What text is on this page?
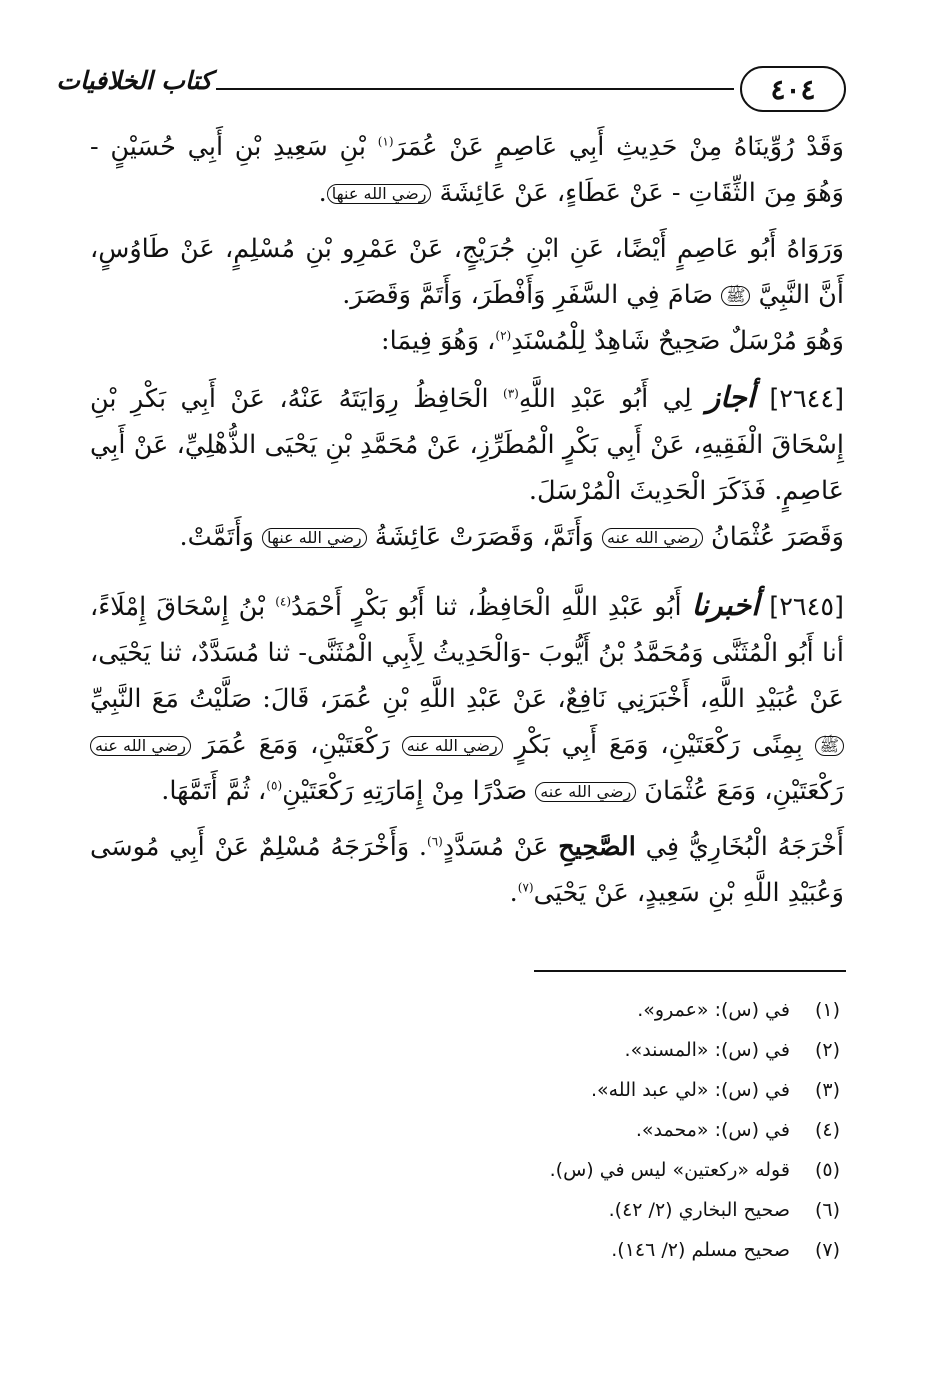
٤٠٤
كتاب الخلافيات

وَقَدْ رُوِّينَاهُ مِنْ حَدِيثِ أَبِي عَاصِمٍ عَنْ عُمَرَ$^{(١)}$ بْنِ سَعِيدِ بْنِ أَبِي حُسَيْنٍ - وَهُوَ مِنَ الثِّقَاتِ - عَنْ عَطَاءٍ، عَنْ عَائِشَةَ رضي الله عنها.

وَرَوَاهُ أَبُو عَاصِمٍ أَيْضًا، عَنِ ابْنِ جُرَيْجٍ، عَنْ عَمْرِو بْنِ مُسْلِمٍ، عَنْ طَاوُسٍ، أَنَّ النَّبِيَّ ﷺ صَامَ فِي السَّفَرِ وَأَفْطَرَ، وَأَتَمَّ وَقَصَرَ.

وَهُوَ مُرْسَلٌ صَحِيحٌ شَاهِدٌ لِلْمُسْنَدِ$^{(٢)}$، وَهُوَ فِيمَا:

[٢٦٤٤] أجاز لِي أَبُو عَبْدِ اللَّهِ$^{(٣)}$ الْحَافِظُ رِوَايَتَهُ عَنْهُ، عَنْ أَبِي بَكْرِ بْنِ إِسْحَاقَ الْفَقِيهِ، عَنْ أَبِي بَكْرٍ الْمُطَرِّزِ، عَنْ مُحَمَّدِ بْنِ يَحْيَى الذُّهْلِيِّ، عَنْ أَبِي عَاصِمٍ. فَذَكَرَ الْحَدِيثَ الْمُرْسَلَ.

وَقَصَرَ عُثْمَانُ رضي الله عنه وَأَتَمَّ، وَقَصَرَتْ عَائِشَةُ رضي الله عنها وَأَتَمَّتْ.

[٢٦٤٥] أخبرنا أَبُو عَبْدِ اللَّهِ الْحَافِظُ، ثنا أَبُو بَكْرٍ أَحْمَدُ$^{(٤)}$ بْنُ إِسْحَاقَ إِمْلَاءً، أنا أَبُو الْمُثَنَّى وَمُحَمَّدُ بْنُ أَيُّوبَ -وَالْحَدِيثُ لِأَبِي الْمُثَنَّى- ثنا مُسَدَّدٌ، ثنا يَحْيَى، عَنْ عُبَيْدِ اللَّهِ، أَخْبَرَنِي نَافِعٌ، عَنْ عَبْدِ اللَّهِ بْنِ عُمَرَ، قَالَ: صَلَّيْتُ مَعَ النَّبِيِّ ﷺ بِمِنًى رَكْعَتَيْنِ، وَمَعَ أَبِي بَكْرٍ رضي الله عنه رَكْعَتَيْنِ، وَمَعَ عُمَرَ رضي الله عنه رَكْعَتَيْنِ، وَمَعَ عُثْمَانَ رضي الله عنه صَدْرًا مِنْ إِمَارَتِهِ رَكْعَتَيْنِ$^{(٥)}$، ثُمَّ أَتَمَّهَا.

أَخْرَجَهُ الْبُخَارِيُّ فِي الصَّحِيحِ عَنْ مُسَدَّدٍ$^{(٦)}$. وَأَخْرَجَهُ مُسْلِمٌ عَنْ أَبِي مُوسَى وَعُبَيْدِ اللَّهِ بْنِ سَعِيدٍ، عَنْ يَحْيَى$^{(٧)}$.

(١) في (س): «عمرو».
(٢) في (س): «المسند».
(٣) في (س): «لي عبد الله».
(٤) في (س): «محمد».
(٥) قوله «ركعتين» ليس في (س).
(٦) صحيح البخاري (٢/ ٤٢).
(٧) صحيح مسلم (٢/ ١٤٦).
